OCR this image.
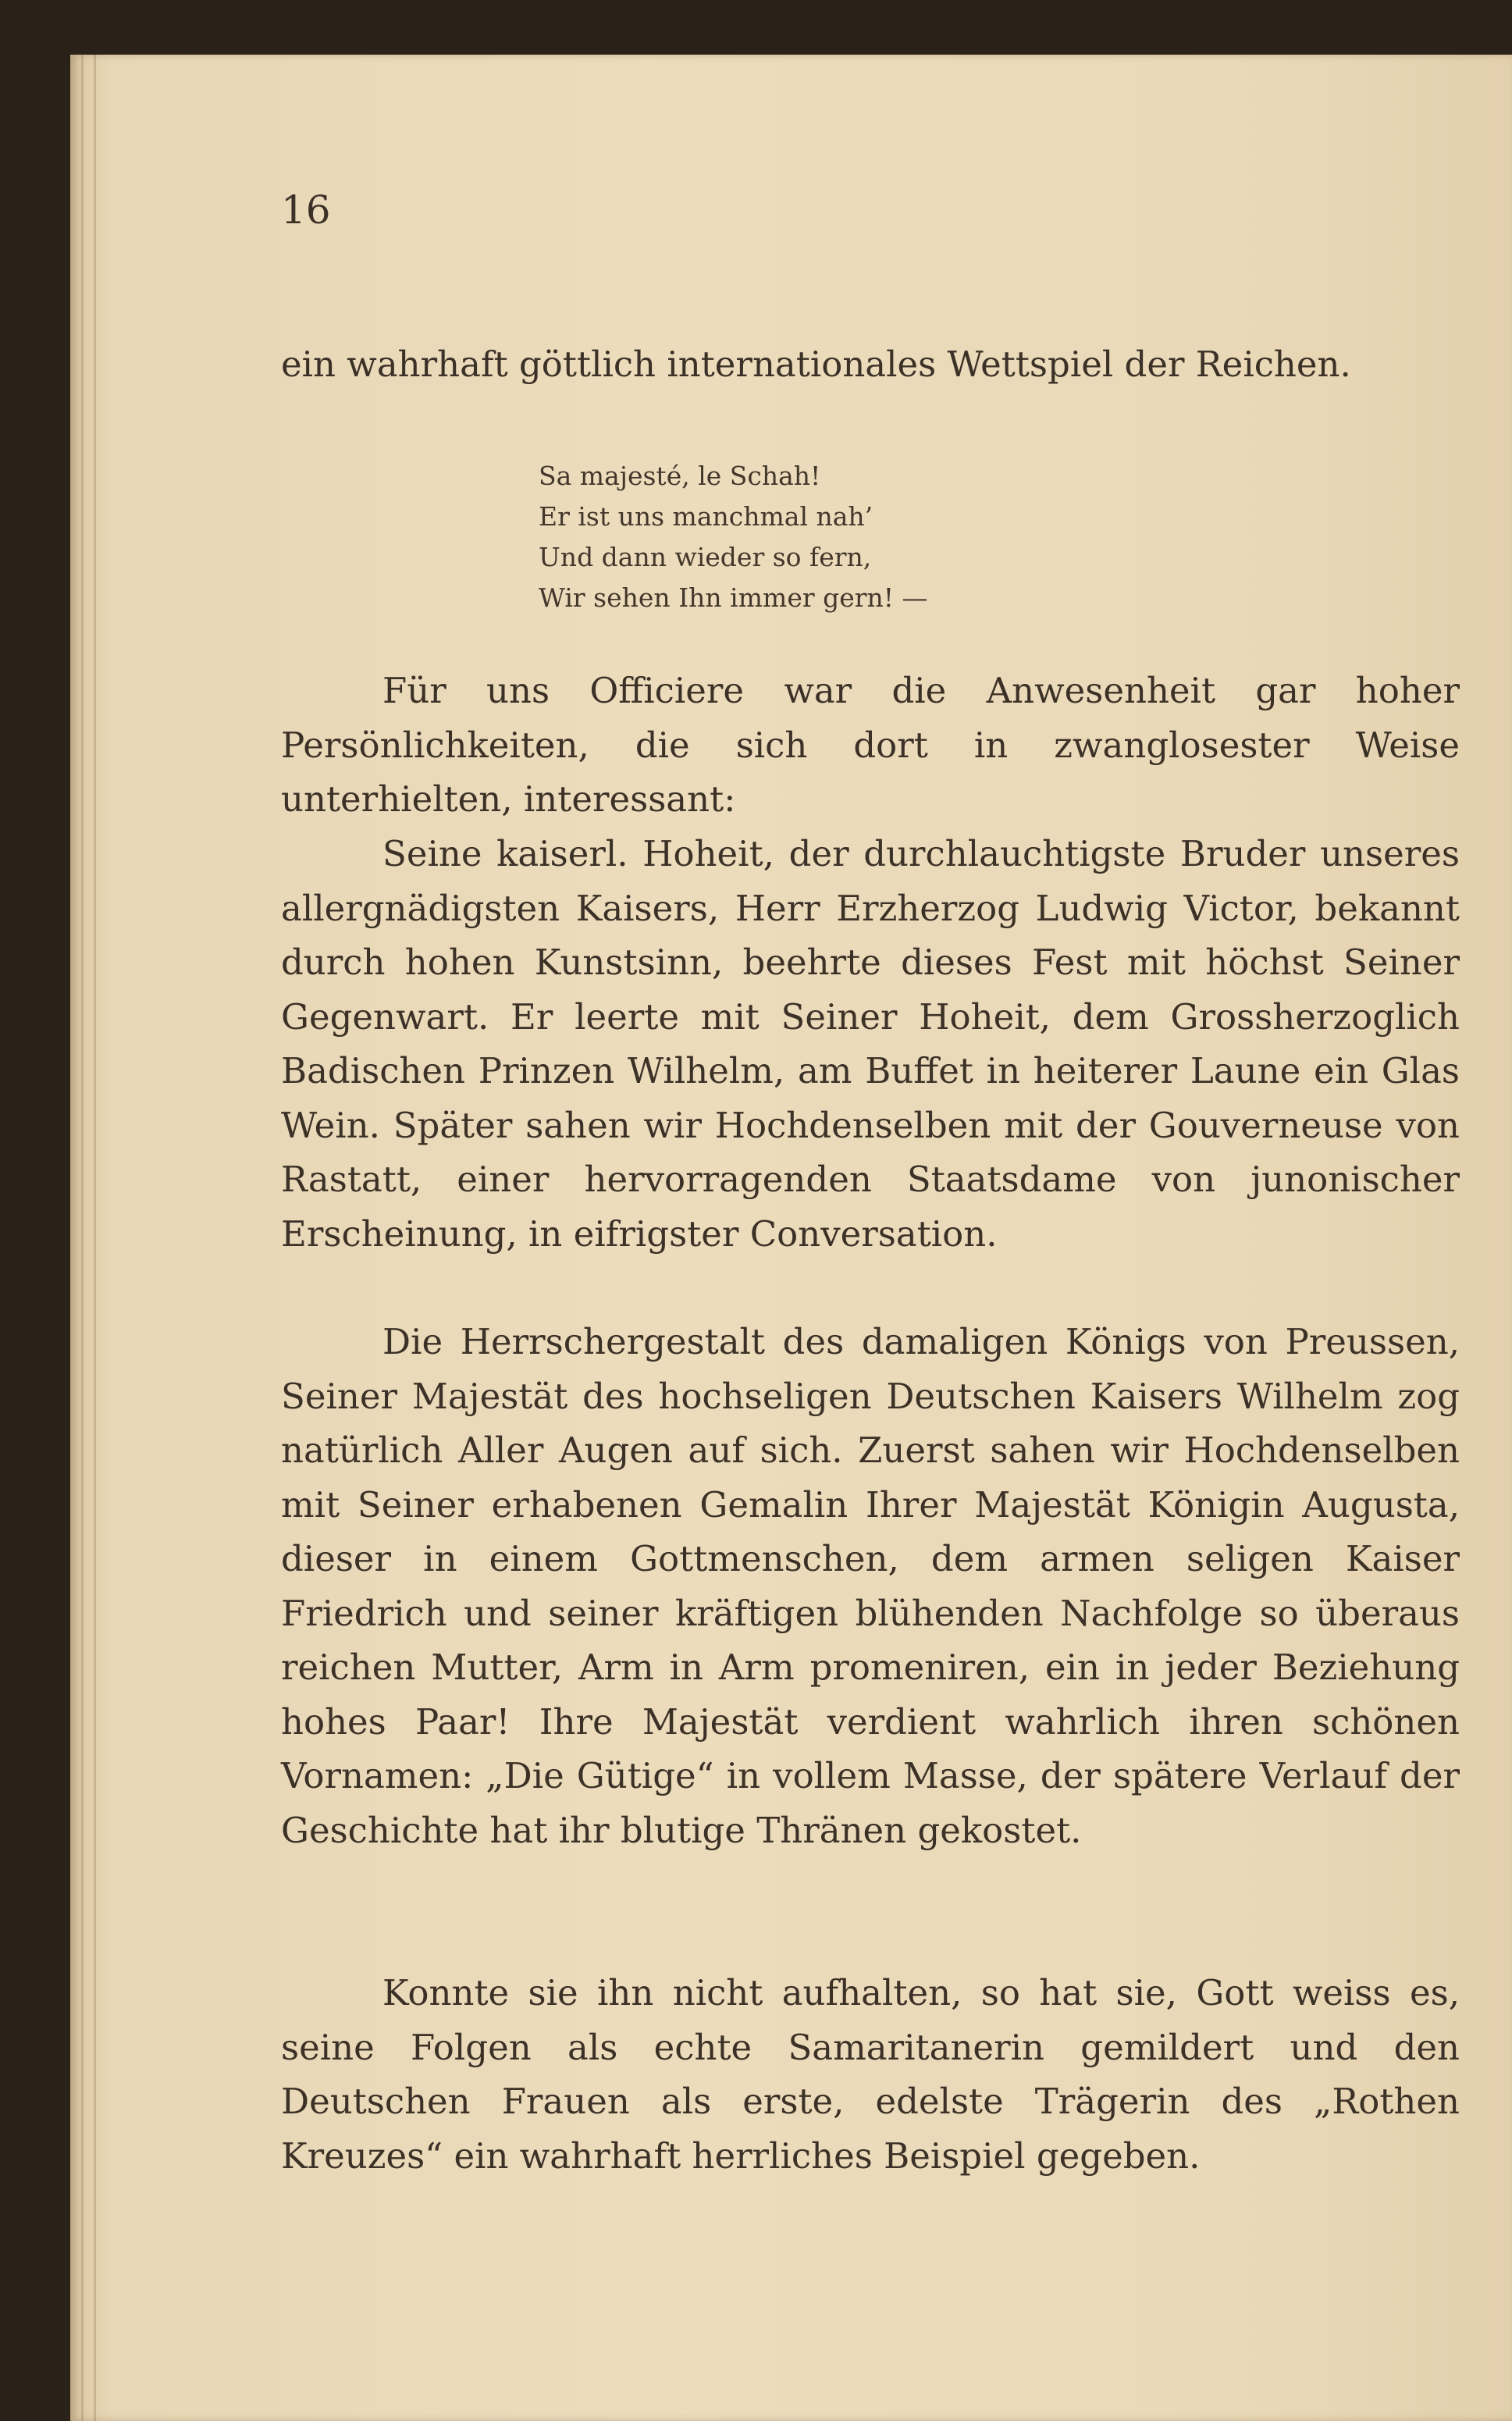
16

ein wahrhaft göttlich internationales Wettspiel der Reichen.

Sa majesté, le Schah!
Er ist uns manchmal nah’
Und dann wieder so fern,
Wir sehen Ihn immer gern! —

Für uns Officiere war die Anwesenheit gar hoher Persönlichkeiten, die sich dort in zwanglosester Weise unterhielten, interessant:

Seine kaiserl. Hoheit, der durchlauchtigste Bruder unseres allergnädigsten Kaisers, Herr Erzherzog Ludwig Victor, bekannt durch hohen Kunstsinn, beehrte dieses Fest mit höchst Seiner Gegenwart. Er leerte mit Seiner Hoheit, dem Grossherzoglich Badischen Prinzen Wilhelm, am Buffet in heiterer Laune ein Glas Wein. Später sahen wir Hochdenselben mit der Gouverneuse von Rastatt, einer hervorragenden Staatsdame von junonischer Erscheinung, in eifrigster Conversation.

Die Herrschergestalt des damaligen Königs von Preussen, Seiner Majestät des hochseligen Deutschen Kaisers Wilhelm zog natürlich Aller Augen auf sich. Zuerst sahen wir Hochdenselben mit Seiner erhabenen Gemalin Ihrer Majestät Königin Augusta, dieser in einem Gottmenschen, dem armen seligen Kaiser Friedrich und seiner kräftigen blühenden Nachfolge so überaus reichen Mutter, Arm in Arm promeniren, ein in jeder Beziehung hohes Paar! Ihre Majestät verdient wahrlich ihren schönen Vornamen: „Die Gütige“ in vollem Masse, der spätere Verlauf der Geschichte hat ihr blutige Thränen gekostet.

Konnte sie ihn nicht aufhalten, so hat sie, Gott weiss es, seine Folgen als echte Samaritanerin gemildert und den Deutschen Frauen als erste, edelste Trägerin des „Rothen Kreuzes“ ein wahrhaft herrliches Beispiel gegeben.
